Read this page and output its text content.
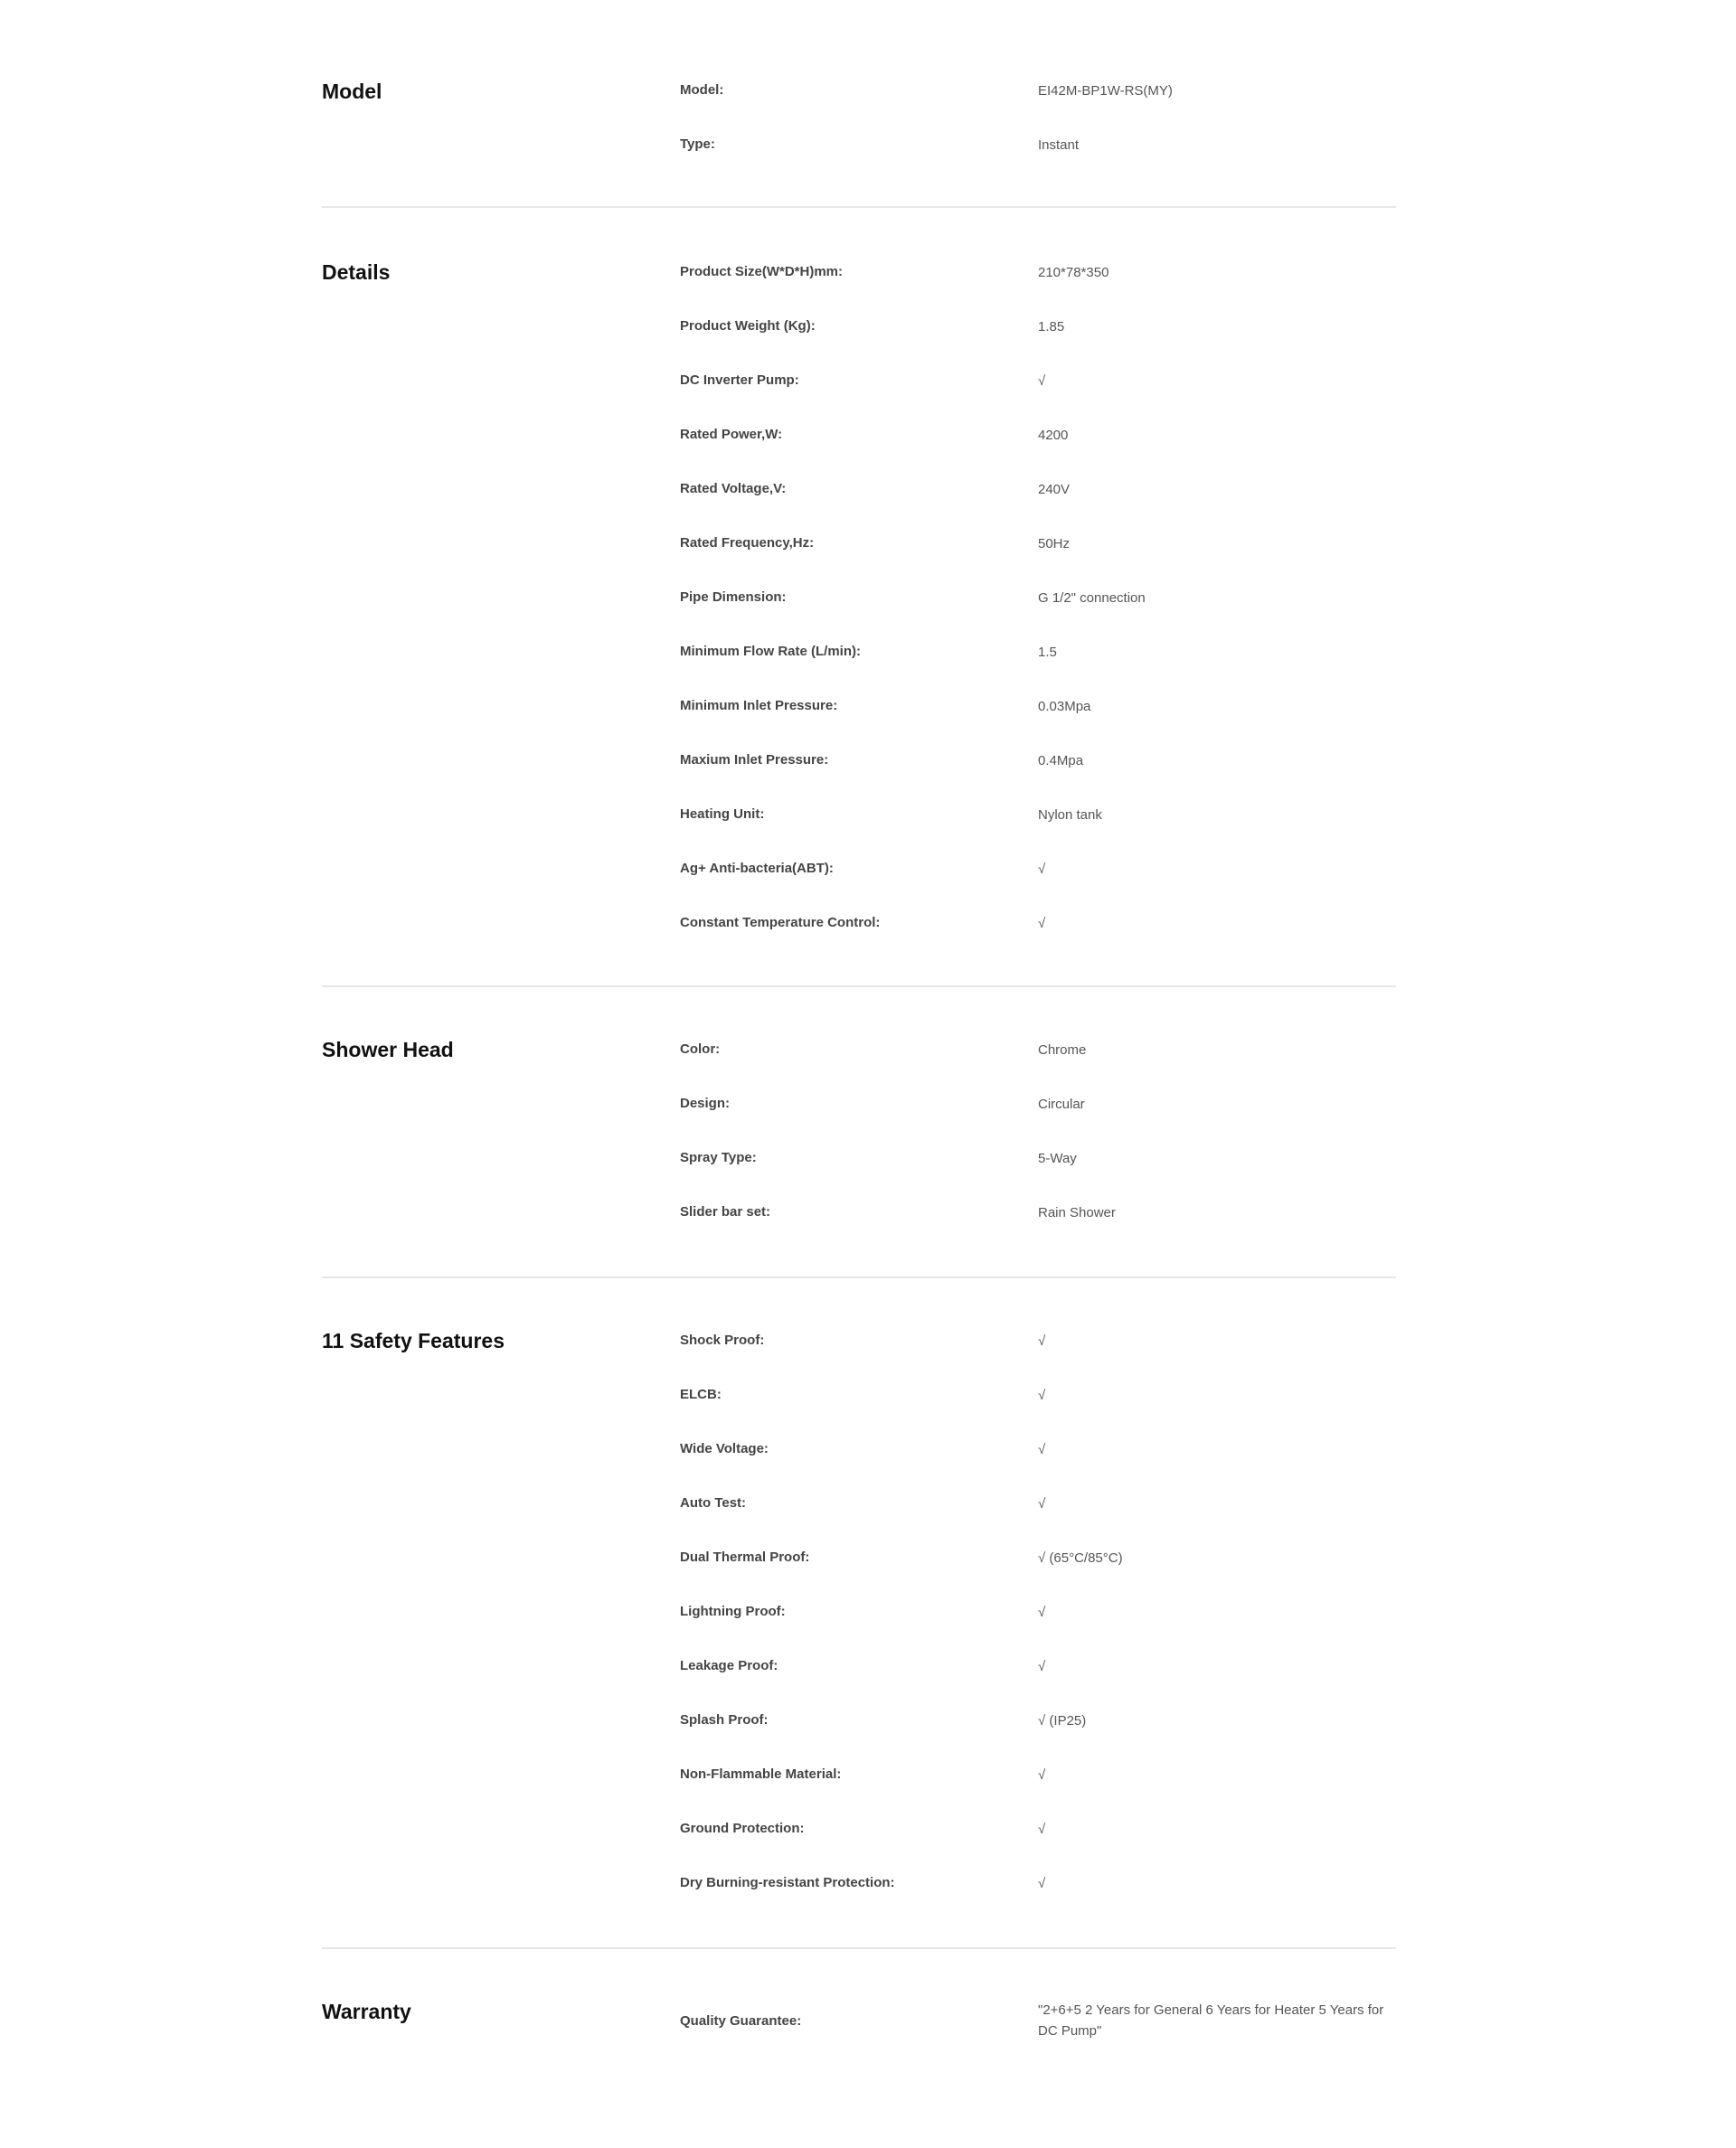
Model	Model:	EI42M-BP1W-RS(MY)
Type:	Instant
Details	Product Size(W*D*H)mm:	210*78*350
Product Weight (Kg):	1.85
DC Inverter Pump:	√
Rated Power,W:	4200
Rated Voltage,V:	240V
Rated Frequency,Hz:	50Hz
Pipe Dimension:	G 1/2" connection
Minimum Flow Rate (L/min):	1.5
Minimum Inlet Pressure:	0.03Mpa
Maxium Inlet Pressure:	0.4Mpa
Heating Unit:	Nylon tank
Ag+ Anti-bacteria(ABT):	√
Constant Temperature Control:	√
Shower Head	Color:	Chrome
Design:	Circular
Spray Type:	5-Way
Slider bar set:	Rain Shower
11 Safety Features	Shock Proof:	√
ELCB:	√
Wide Voltage:	√
Auto Test:	√
Dual Thermal Proof:	√ (65°C/85°C)
Lightning Proof:	√
Leakage Proof:	√
Splash Proof:	√ (IP25)
Non-Flammable Material:	√
Ground Protection:	√
Dry Burning-resistant Protection:	√
Warranty	Quality Guarantee:
"2+6+5 2 Years for General 6 Years for Heater 5 Years for DC Pump"
